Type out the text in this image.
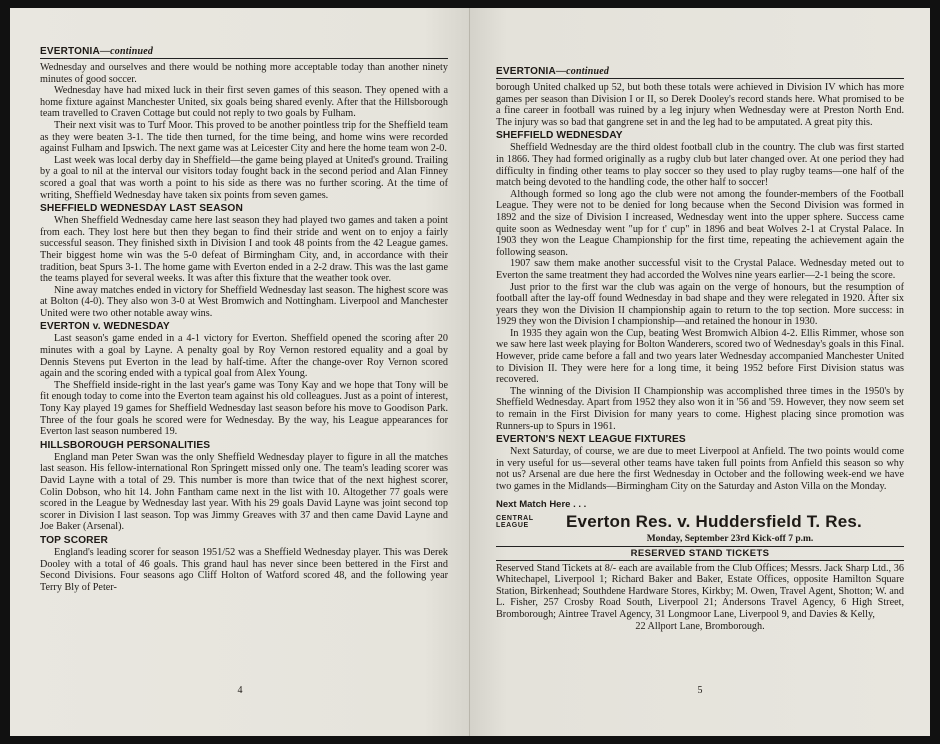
EVERTONIA—continued

Wednesday and ourselves and there would be nothing more acceptable today than another ninety minutes of good soccer.

Wednesday have had mixed luck in their first seven games of this season. They opened with a home fixture against Manchester United, six goals being shared evenly. After that the Hillsborough team travelled to Craven Cottage but could not reply to two goals by Fulham.

Their next visit was to Turf Moor. This proved to be another pointless trip for the Sheffield team as they were beaten 3-1. The tide then turned, for the time being, and home wins were recorded against Fulham and Ipswich. The next game was at Leicester City and here the home team won 2-0.

Last week was local derby day in Sheffield—the game being played at United's ground. Trailing by a goal to nil at the interval our visitors today fought back in the second period and Alan Finney scored a goal that was worth a point to his side as there was no further scoring. At the time of writing, Sheffield Wednesday have taken six points from seven games.

SHEFFIELD WEDNESDAY LAST SEASON

When Sheffield Wednesday came here last season they had played two games and taken a point from each. They lost here but then they began to find their stride and went on to enjoy a fairly successful season. They finished sixth in Division I and took 48 points from the 42 League games. Their biggest home win was the 5-0 defeat of Birmingham City, and, in accordance with their tradition, beat Spurs 3-1. The home game with Everton ended in a 2-2 draw. This was the last game the teams played for several weeks. It was after this fixture that the weather took over.

Nine away matches ended in victory for Sheffield Wednesday last season. The highest score was at Bolton (4-0). They also won 3-0 at West Bromwich and Nottingham. Liverpool and Manchester United were two other notable away wins.

EVERTON v. WEDNESDAY

Last season's game ended in a 4-1 victory for Everton. Sheffield opened the scoring after 20 minutes with a goal by Layne. A penalty goal by Roy Vernon restored equality and a goal by Dennis Stevens put Everton in the lead by half-time. After the change-over Roy Vernon scored again and the scoring ended with a typical goal from Alex Young.

The Sheffield inside-right in the last year's game was Tony Kay and we hope that Tony will be fit enough today to come into the Everton team against his old colleagues. Just as a point of interest, Tony Kay played 19 games for Sheffield Wednesday last season before his move to Goodison Park. Three of the four goals he scored were for Wednesday. By the way, his League appearances for Everton last season numbered 19.

HILLSBOROUGH PERSONALITIES

England man Peter Swan was the only Sheffield Wednesday player to figure in all the matches last season. His fellow-international Ron Springett missed only one. The team's leading scorer was David Layne with a total of 29. This number is more than twice that of the next highest scorer, Colin Dobson, who hit 14. John Fantham came next in the list with 10. Altogether 77 goals were scored in the League by Wednesday last year. With his 29 goals David Layne was joint second top scorer in Division I last season. Top was Jimmy Greaves with 37 and then came David Layne and Joe Baker (Arsenal).

TOP SCORER

England's leading scorer for season 1951/52 was a Sheffield Wednesday player. This was Derek Dooley with a total of 46 goals. This grand haul has never since been bettered in the First and Second Divisions. Four seasons ago Cliff Holton of Watford scored 48, and the following year Terry Bly of Peter-

4
EVERTONIA—continued

borough United chalked up 52, but both these totals were achieved in Division IV which has more games per season than Division I or II, so Derek Dooley's record stands here. What promised to be a fine career in football was ruined by a leg injury when Wednesday were at Preston North End. The injury was so bad that gangrene set in and the leg had to be amputated. A great pity this.

SHEFFIELD WEDNESDAY

Sheffield Wednesday are the third oldest football club in the country. The club was first started in 1866. They had formed originally as a rugby club but later changed over. At one period they had difficulty in finding other teams to play soccer so they used to play rugby teams—one half of the match being devoted to the handling code, the other half to soccer!

Although formed so long ago the club were not among the founder-members of the Football League. They were not to be denied for long because when the Second Division was formed in 1892 and the size of Division I increased, Wednesday went into the upper sphere. Success came quite soon as Wednesday went "up for t' cup" in 1896 and beat Wolves 2-1 at Crystal Palace. In 1903 they won the League Championship for the first time, repeating the achievement again the following season.

1907 saw them make another successful visit to the Crystal Palace. Wednesday meted out to Everton the same treatment they had accorded the Wolves nine years earlier—2-1 being the score.

Just prior to the first war the club was again on the verge of honours, but the resumption of football after the lay-off found Wednesday in bad shape and they were relegated in 1920. After six years they won the Division II championship again to return to the top section. More success: in 1929 they won the Division I championship—and retained the honour in 1930.

In 1935 they again won the Cup, beating West Bromwich Albion 4-2. Ellis Rimmer, whose son we saw here last week playing for Bolton Wanderers, scored two of Wednesday's goals in this Final. However, pride came before a fall and two years later Wednesday accompanied Manchester United to Division II. They were here for a long time, it being 1952 before First Division status was recovered.

The winning of the Division II Championship was accomplished three times in the 1950's by Sheffield Wednesday. Apart from 1952 they also won it in '56 and '59. However, they now seem set to remain in the First Division for many years to come. Highest placing since promotion was Runners-up to Spurs in 1961.

EVERTON'S NEXT LEAGUE FIXTURES

Next Saturday, of course, we are due to meet Liverpool at Anfield. The two points would come in very useful for us—several other teams have taken full points from Anfield this season so why not us? Arsenal are due here the first Wednesday in October and the following week-end we have two games in the Midlands—Birmingham City on the Saturday and Aston Villa on the Monday.

Next Match Here . . .
CENTRAL
LEAGUE	Everton Res. v. Huddersfield T. Res.
Monday, September 23rd Kick-off 7 p.m.
RESERVED STAND TICKETS

Reserved Stand Tickets at 8/- each are available from the Club Offices; Messrs. Jack Sharp Ltd., 36 Whitechapel, Liverpool 1; Richard Baker and Baker, Estate Offices, opposite Hamilton Square Station, Birkenhead; Southdene Hardware Stores, Kirkby; M. Owen, Travel Agent, Shotton; W. and L. Fisher, 257 Crosby Road South, Liverpool 21; Andersons Travel Agency, 6 High Street, Bromborough; Aintree Travel Agency, 31 Longmoor Lane, Liverpool 9, and Davies & Kelly,

22 Allport Lane, Bromborough.

5
